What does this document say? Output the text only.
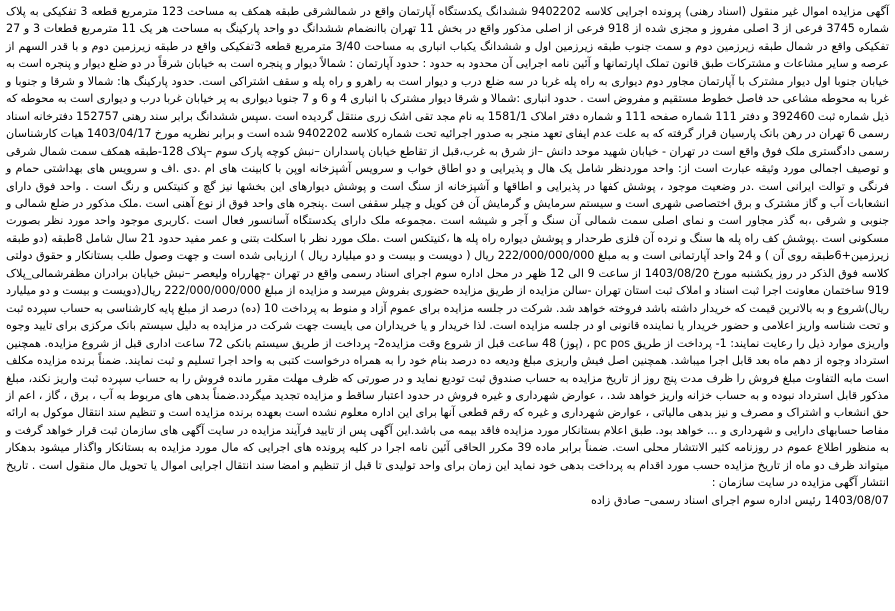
آگهی مزایده اموال غیر منقول (اسناد رهنی) پرونده اجرایی کلاسه 9402202 ششدانگ یکدستگاه آپارتمان واقع در شمالشرقی طبقه همکف به مساحت 123 مترمربع قطعه 3 تفکیکی به پلاک شماره 3745 فرعی از 3 اصلی مفروز و مجزی شده از 918 فرعی از اصلی مذکور واقع در بخش 11 تهران باانضمام ششدانگ دو واحد پارکینگ به مساحت هر یک 11 مترمربع قطعات 3 و 27 تفکیکی واقع در شمال طبقه زیرزمین دوم و سمت جنوب طبقه زیرزمین اول و ششدانگ یکباب انباری به مساحت 3/40 مترمربع قطعه 3تفکیکی واقع در طبقه زیرزمین دوم و با قدر السهم از عرصه و سایر مشاعات و مشترکات طبق قانون تملک اپارتمانها و آئین نامه اجرایی آن محدود به حدود : حدود آپارتمان : شمالاً دیوار و پنجره است به خیابان شرقاً در دو ضلع دیوار و پنجره است به خیابان جنوبا اول دیوار مشترک با آپارتمان مجاور دوم دیواری به راه پله غربا در سه ضلع درب و دیوار است به راهرو و راه پله و سقف اشتراکی است. حدود پارکینگ ها: شمالا و شرقا و جنوبا و غربا به محوطه مشاعی حد فاصل خطوط مستقیم و مفروض است . حدود انباری :شمالا و شرقا دیوار مشترک با انباری 4 و 6 و 7 جنوبا دیواری به پر خیابان غربا درب و دیواری است به محوطه که ذیل شماره ثبت 392460 و دفتر 111 شماره صفحه 111 و شماره دفتر املاک 1581/1 به نام مجد تقی اشک زری منتقل گردیده است .سپس ششدانگ برابر سند رهنی 152757 دفترخانه اسناد رسمی 6 تهران در رهن بانک پارسیان قرار گرفته که به علت عدم ایفای تعهد منجر به صدور اجرائیه تحت شماره کلاسه 9402202 شده است و برابر نظریه مورخ 1403/04/17 هیات کارشناسان رسمی دادگستری ملک فوق واقع است در تهران - خیابان شهید موحد دانش –از شرق به غرب،قبل از تقاطع خیابان پاسداران –نبش کوچه پارک سوم –پلاک 128-طبقه همکف سمت شمال شرقی و توصیف اجمالی مورد وثیقه عبارت است از: واحد موردنظر شامل یک هال و پذیرایی و دو اطاق خواب و سرویس آشپزخانه اوپن با کابینت های ام .دی .اف و سرویس های بهداشتی حمام و فرنگی و توالت ایرانی است .در وضعیت موجود ، پوشش کفها در پذیرایی و اطاقها و آشپزخانه از سنگ است و پوشش دیوارهای این بخشها نیز گچ و کنیتکس و رنگ است . واحد فوق دارای انشعابات آب و گاز مشترک و برق اختصاصی شهری است و سیستم سرمایش و گرمایش آن فن کویل و چیلر سقفی است .پنجره های واحد فوق از نوع آهنی است .ملک مذکور در ضلع شمالی و جنوبی و شرقی ،به گذر مجاور است و نمای اصلی سمت شمالی آن سنگ و آجر و شیشه است .مجموعه ملک دارای یکدستگاه آسانسور فعال است .کاربری موجود واحد مورد نظر بصورت مسکونی است .پوشش کف راه پله ها سنگ و نرده آن فلزی طرحدار و پوشش دیواره راه پله ها ،کنیتکس است .ملک مورد نظر با اسکلت بتنی و عمر مفید حدود 21 سال شامل 8طبقه (دو طبقه زیرزمین+6طبقه روی آن ) و 24 واحد آپارتمانی است و به مبلغ 222/000/000/000 ریال ( دویست و بیست و دو میلیارد ریال ) ارزیابی شده است و جهت وصول طلب بستانکار و حقوق دولتی کلاسه فوق الذکر در روز یکشنبه مورخ 1403/08/20 از ساعت 9 الی 12 ظهر در محل اداره سوم اجرای اسناد رسمی واقع در تهران -چهارراه ولیعصر –نبش خیابان برادران مظفرشمالی_پلاک 919 ساختمان معاونت اجرا ثبت اسناد و املاک ثبت استان تهران -سالن مزایده از طریق مزایده حضوری بفروش میرسد و مزایده از مبلغ 222/000/000/000 ریال(دویست و بیست و دو میلیارد ریال)شروع و به بالاترین قیمت که خریدار داشته باشد فروخته خواهد شد. شرکت در جلسه مزایده برای عموم آزاد و منوط به پرداخت 10 (ده) درصد از مبلغ پایه کارشناسی به حساب سپرده ثبت و تحت شناسه واریز اعلامی و حضور خریدار یا نماینده قانونی او در جلسه مزایده است. لذا خریدار و یا خریداران می بایست جهت شرکت در مزایده به دلیل سیستم بانک مرکزی برای تایید وجوه واریزی موارد ذیل را رعایت نمایند: 1- پرداخت از طریق pc pos ، (پوز) 48 ساعت قبل از شروع وقت مزایده2- پرداخت از طریق سیستم بانکی 72 ساعت اداری قبل از شروع مزایده. همچنین استرداد وجوه از دهم ماه بعد قابل اجرا میباشد. همچنین اصل فیش واریزی مبلغ ودیعه ده درصد بنام خود را به همراه درخواست کتبی به واحد اجرا تسلیم و ثبت نمایند. ضمناً برنده مزایده مکلف است مابه التفاوت مبلغ فروش را ظرف مدت پنج روز از تاریخ مزایده به حساب صندوق ثبت تودیع نماید و در صورتی که ظرف مهلت مقرر مانده فروش را به حساب سپرده ثبت واریز نکند، مبلغ مذکور قابل استرداد نبوده و به حساب خزانه واریز خواهد شد. ، عوارض شهرداری و غیره فروش در حدود اعتبار ساقط و مزایده تجدید میگردد.ضمناً بدهی های مربوط به آب ، برق ، گاز ، اعم از حق انشعاب و اشتراک و مصرف و نیز بدهی مالیاتی ، عوارض شهرداری و غیره که رقم قطعی آنها برای این اداره معلوم نشده است بعهده برنده مزایده است و تنظیم سند انتقال موکول به ارائه مفاصا حسابهای دارایی و شهرداری و ... خواهد بود. طبق اعلام بستانکار مورد مزایده فاقد بیمه می باشد.این آگهی پس از تایید فرآیند مزایده در سایت آگهی های سازمان ثبت قرار خواهد گرفت و به منظور اطلاع عموم در روزنامه کثیر الانتشار محلی است. ضمناً برابر ماده 39 مکرر الحاقی آئین نامه اجرا در کلیه پرونده های اجرایی که مال مورد مزایده به بستانکار واگذار میشود بدهکار میتواند ظرف دو ماه از تاریخ مزایده حسب مورد اقدام به پرداخت بدهی خود نماید این زمان برای واحد تولیدی تا قبل از تنظیم و امضا سند انتقال اجرایی اموال یا تحویل مال منقول است . تاریخ انتشار آگهی مزایده در سایت سازمان :

1403/08/07 رئیس اداره سوم اجرای اسناد رسمی– صادق زاده
